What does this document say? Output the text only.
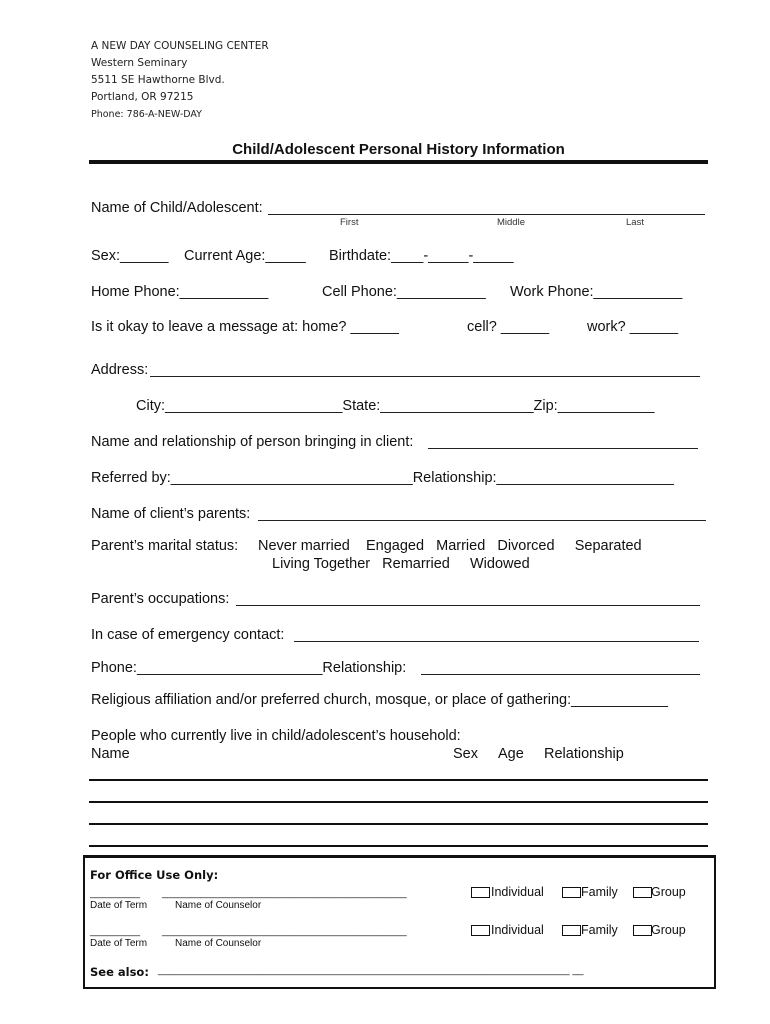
A NEW DAY COUNSELING CENTER
Western Seminary
5511 SE Hawthorne Blvd.
Portland, OR 97215
Phone: 786-A-NEW-DAY
Child/Adolescent Personal History Information
Name of Child/Adolescent:
First	Middle	Last
Sex:______ Current Age:_____ Birthdate:____-_____-_____
Home Phone:___________	Cell Phone:___________ Work Phone:___________
Is it okay to leave a message at: home? ______	cell? ______	work? ______
Address:
City:______________________State:___________________Zip:____________
Name and relationship of person bringing in client:
Referred by:______________________________Relationship:______________________
Name of client’s parents:
Parent’s marital status: Never married    Engaged   Married   Divorced     Separated
Living Together   Remarried     Widowed
Parent’s occupations:
In case of emergency contact:
Phone:_______________________Relationship:
Religious affiliation and/or preferred church, mosque, or place of gathering:____________
People who currently live in child/adolescent’s household:
Name	Sex Age Relationship
For Office Use Only:
_________ ____________________________________________
Date of Term	Name of Counselor
Individual	Family	Group
_________ ____________________________________________
Date of Term	Name of Counselor
Individual	Family	Group
See also: __________________________________________________________________________ __
